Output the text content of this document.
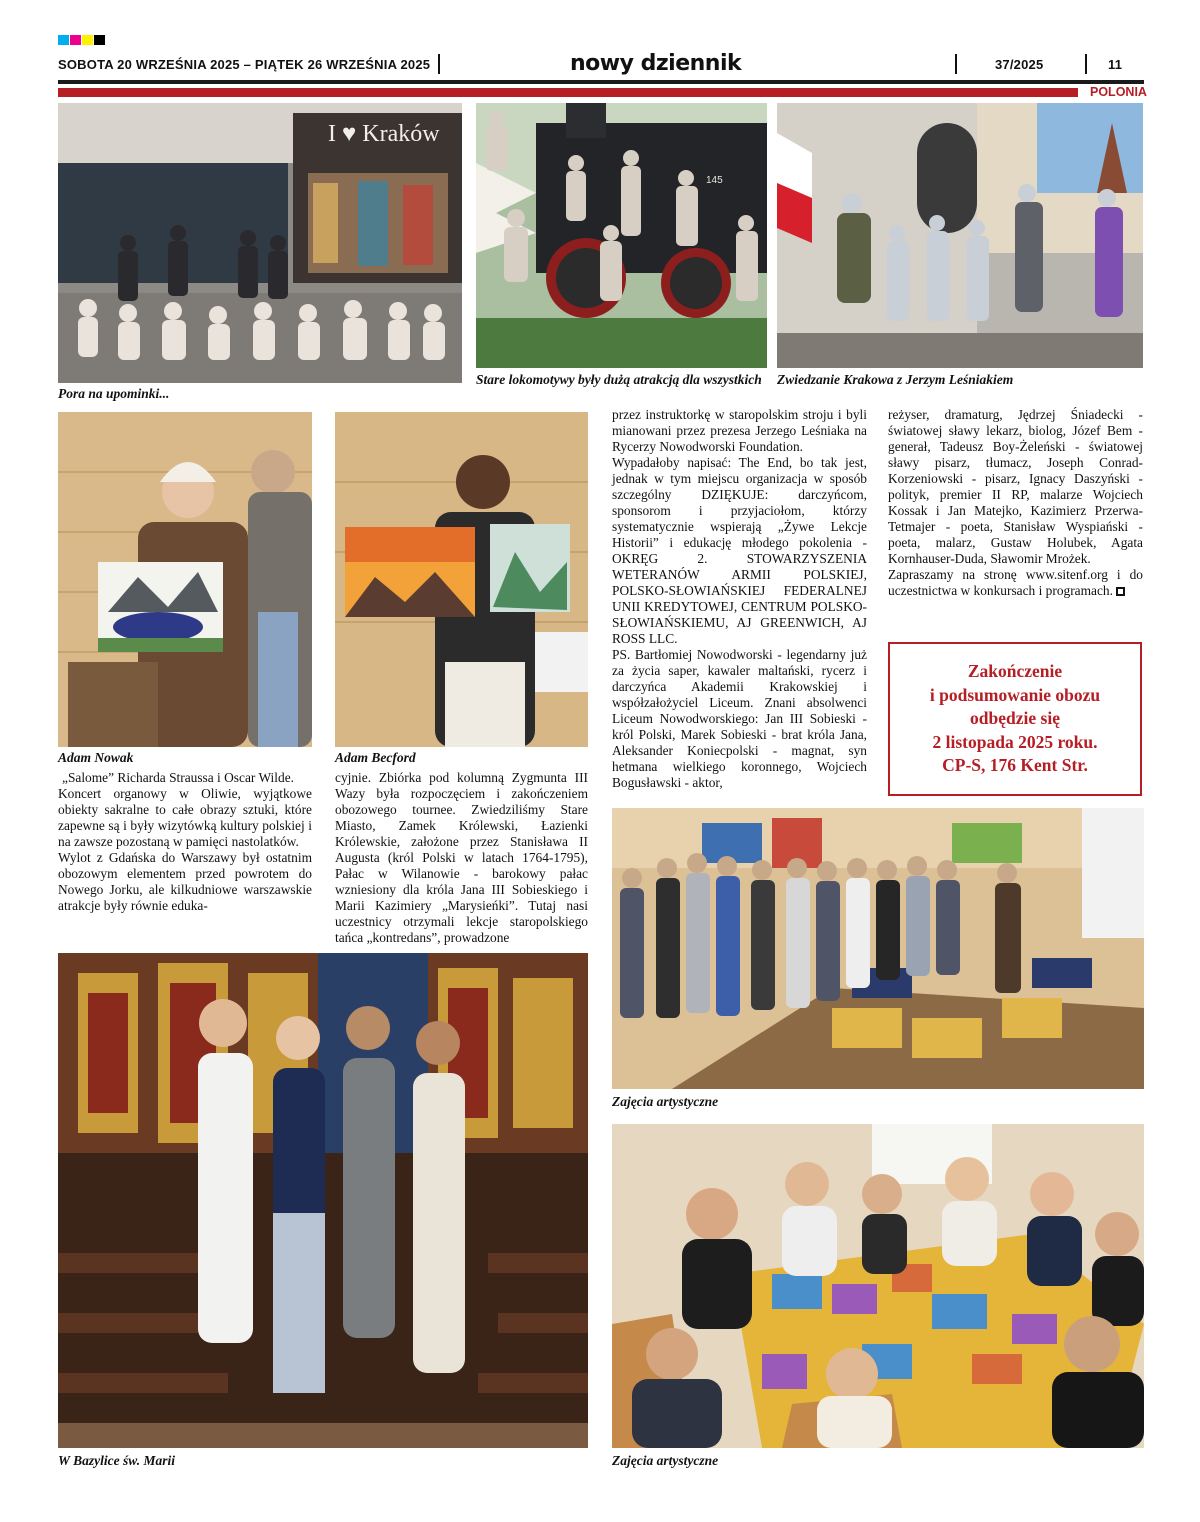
SOBOTA 20 WRZEŚNIA 2025 – PIĄTEK 26 WRZEŚNIA 2025	nowy dziennik	37/2025	11
POLONIA
I ♥ Kraków
Pora na upominki...
145
Stare lokomotywy były dużą atrakcją dla wszystkich	Zwiedzanie Krakowa z Jerzym Leśniakiem
Adam Nowak	Adam Becford

„Salome” Richarda Straussa i Oscar Wilde.

Koncert organowy w Oliwie, wyjątkowe obiekty sakralne to całe obrazy sztuki, które zapewne są i były wizytówką kultury polskiej i na zawsze pozostaną w pamięci nastolatków.

Wylot z Gdańska do Warszawy był ostatnim obozowym elementem przed powrotem do Nowego Jorku, ale kilkudniowe warszawskie atrakcje były równie eduka-

cyjnie. Zbiórka pod kolumną Zygmunta III Wazy była rozpoczęciem i zakończeniem obozowego tournee. Zwiedziliśmy Stare Miasto, Zamek Królewski, Łazienki Królewskie, założone przez Stanisława II Augusta (król Polski w latach 1764-1795), Pałac w Wilanowie - barokowy pałac wzniesiony dla króla Jana III Sobieskiego i Marii Kazimiery „Marysieńki”. Tutaj nasi uczestnicy otrzymali lekcje staropolskiego tańca „kontredans”, prowadzone

przez instruktorkę w staropolskim stroju i byli mianowani przez prezesa Jerzego Leśniaka na Rycerzy Nowodworski Foundation.

Wypadałoby napisać: The End, bo tak jest, jednak w tym miejscu organizacja w sposób szczególny DZIĘKUJE: darczyńcom, sponsorom i przyjaciołom, którzy systematycznie wspierają „Żywe Lekcje Historii” i edukację młodego pokolenia - OKRĘG 2. STOWARZYSZENIA WETERANÓW ARMII POLSKIEJ, POLSKO-SŁOWIAŃSKIEJ FEDERALNEJ UNII KREDYTOWEJ, CENTRUM POLSKO-SŁOWIAŃSKIEMU, AJ GREENWICH, AJ ROSS LLC.

PS. Bartłomiej Nowodworski - legendarny już za życia saper, kawaler maltański, rycerz i darczyńca Akademii Krakowskiej i współzałożyciel Liceum. Znani absolwenci Liceum Nowodworskiego: Jan III Sobieski - król Polski, Marek Sobieski - brat króla Jana, Aleksander Koniecpolski - magnat, syn hetmana wielkiego koronnego, Wojciech Bogusławski - aktor,

reżyser, dramaturg, Jędrzej Śniadecki - światowej sławy lekarz, biolog, Józef Bem - generał, Tadeusz Boy-Żeleński - światowej sławy pisarz, tłumacz, Joseph Conrad-Korzeniowski - pisarz, Ignacy Daszyński - polityk, premier II RP, malarze Wojciech Kossak i Jan Matejko, Kazimierz Przerwa-Tetmajer - poeta, Stanisław Wyspiański - poeta, malarz, Gustaw Holubek, Agata Kornhauser-Duda, Sławomir Mrożek.

Zapraszamy na stronę www.sitenf.org i do uczestnictwa w konkursach i programach.

Zakończenie
i podsumowanie obozu
odbędzie się
2 listopada 2025 roku.
CP-S, 176 Kent Str.
W Bazylice św. Marii
Zajęcia artystyczne
Zajęcia artystyczne
